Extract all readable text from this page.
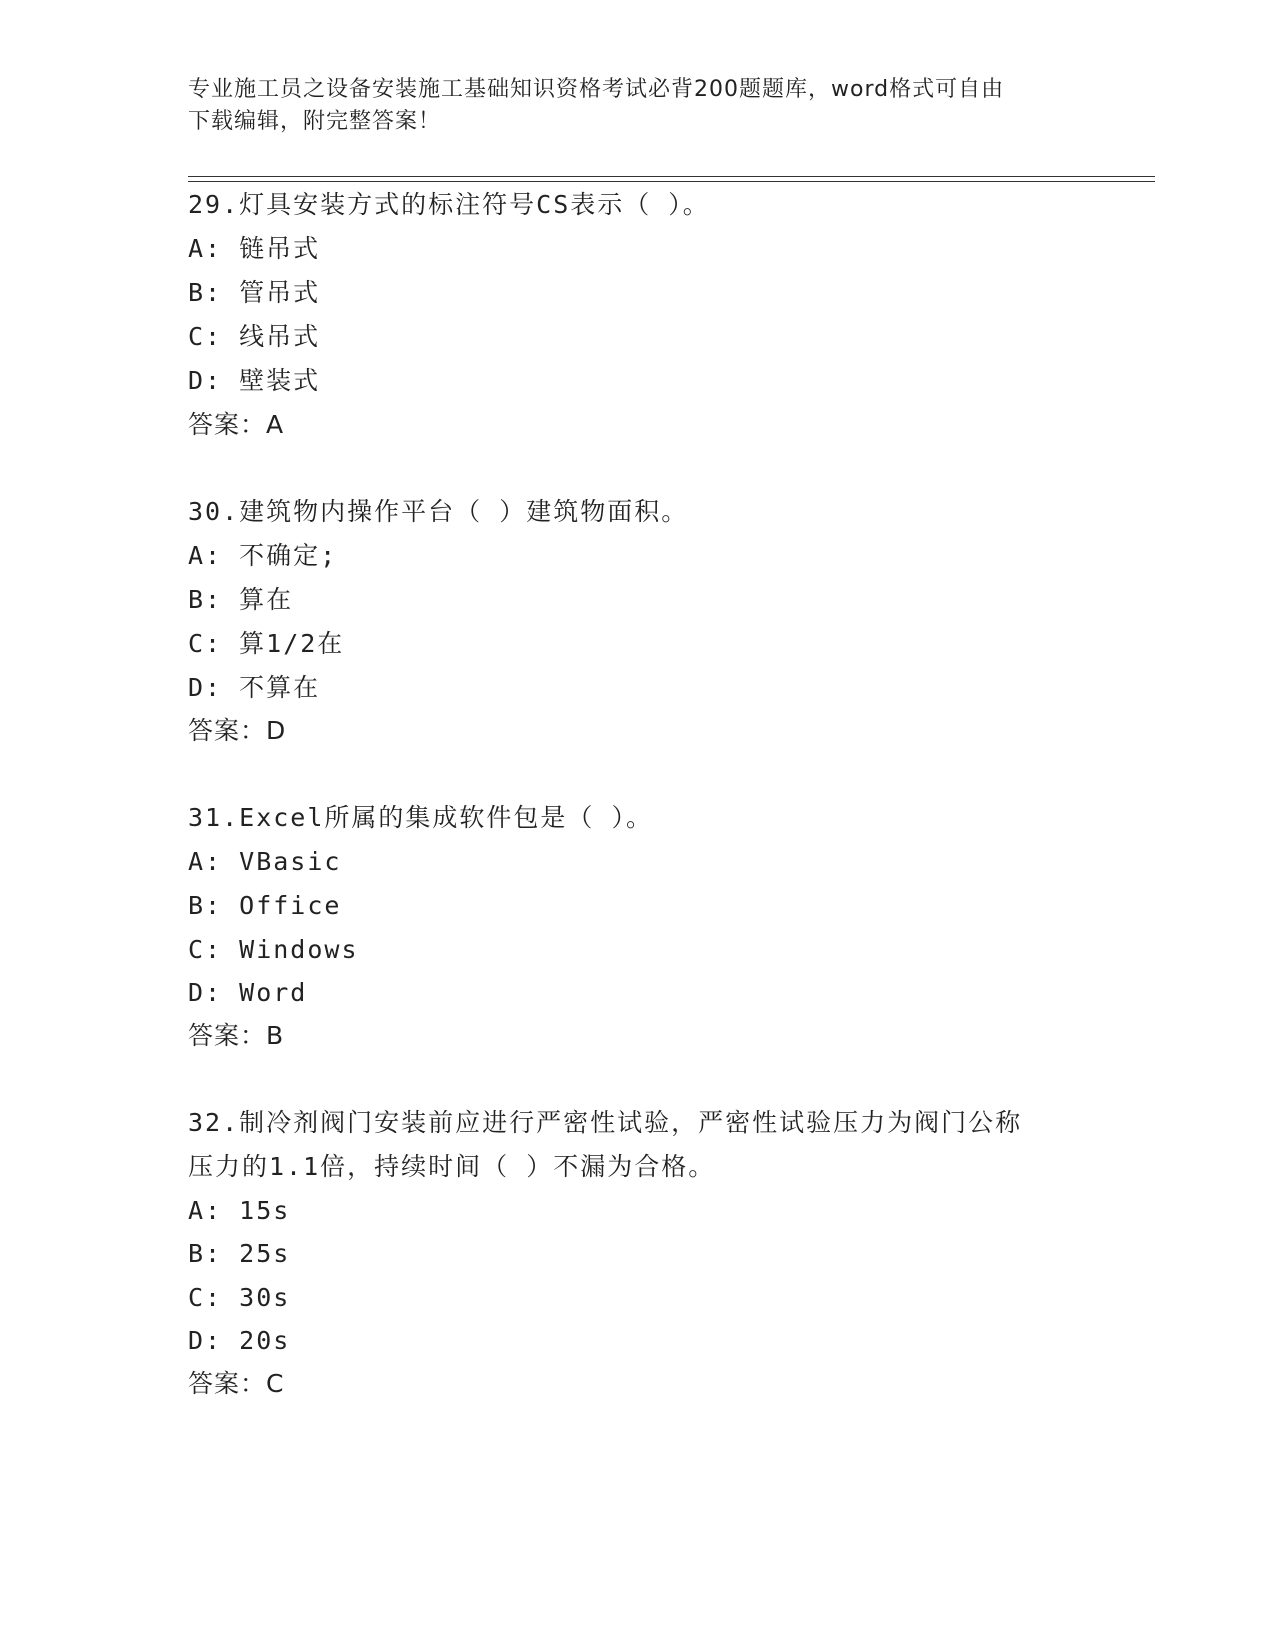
专业施工员之设备安装施工基础知识资格考试必背200题题库，word格式可自由
下载编辑，附完整答案！
29.灯具安装方式的标注符号CS表示（ ）。
A: 链吊式
B: 管吊式
C: 线吊式
D: 壁装式
答案：A
30.建筑物内操作平台（ ）建筑物面积。
A: 不确定;
B: 算在
C: 算1/2在
D: 不算在
答案：D
31.Excel所属的集成软件包是（ ）。
A: VBasic
B: Office
C: Windows
D: Word
答案：B
32.制冷剂阀门安装前应进行严密性试验，严密性试验压力为阀门公称
压力的1.1倍，持续时间（ ）不漏为合格。
A: 15s
B: 25s
C: 30s
D: 20s
答案：C
